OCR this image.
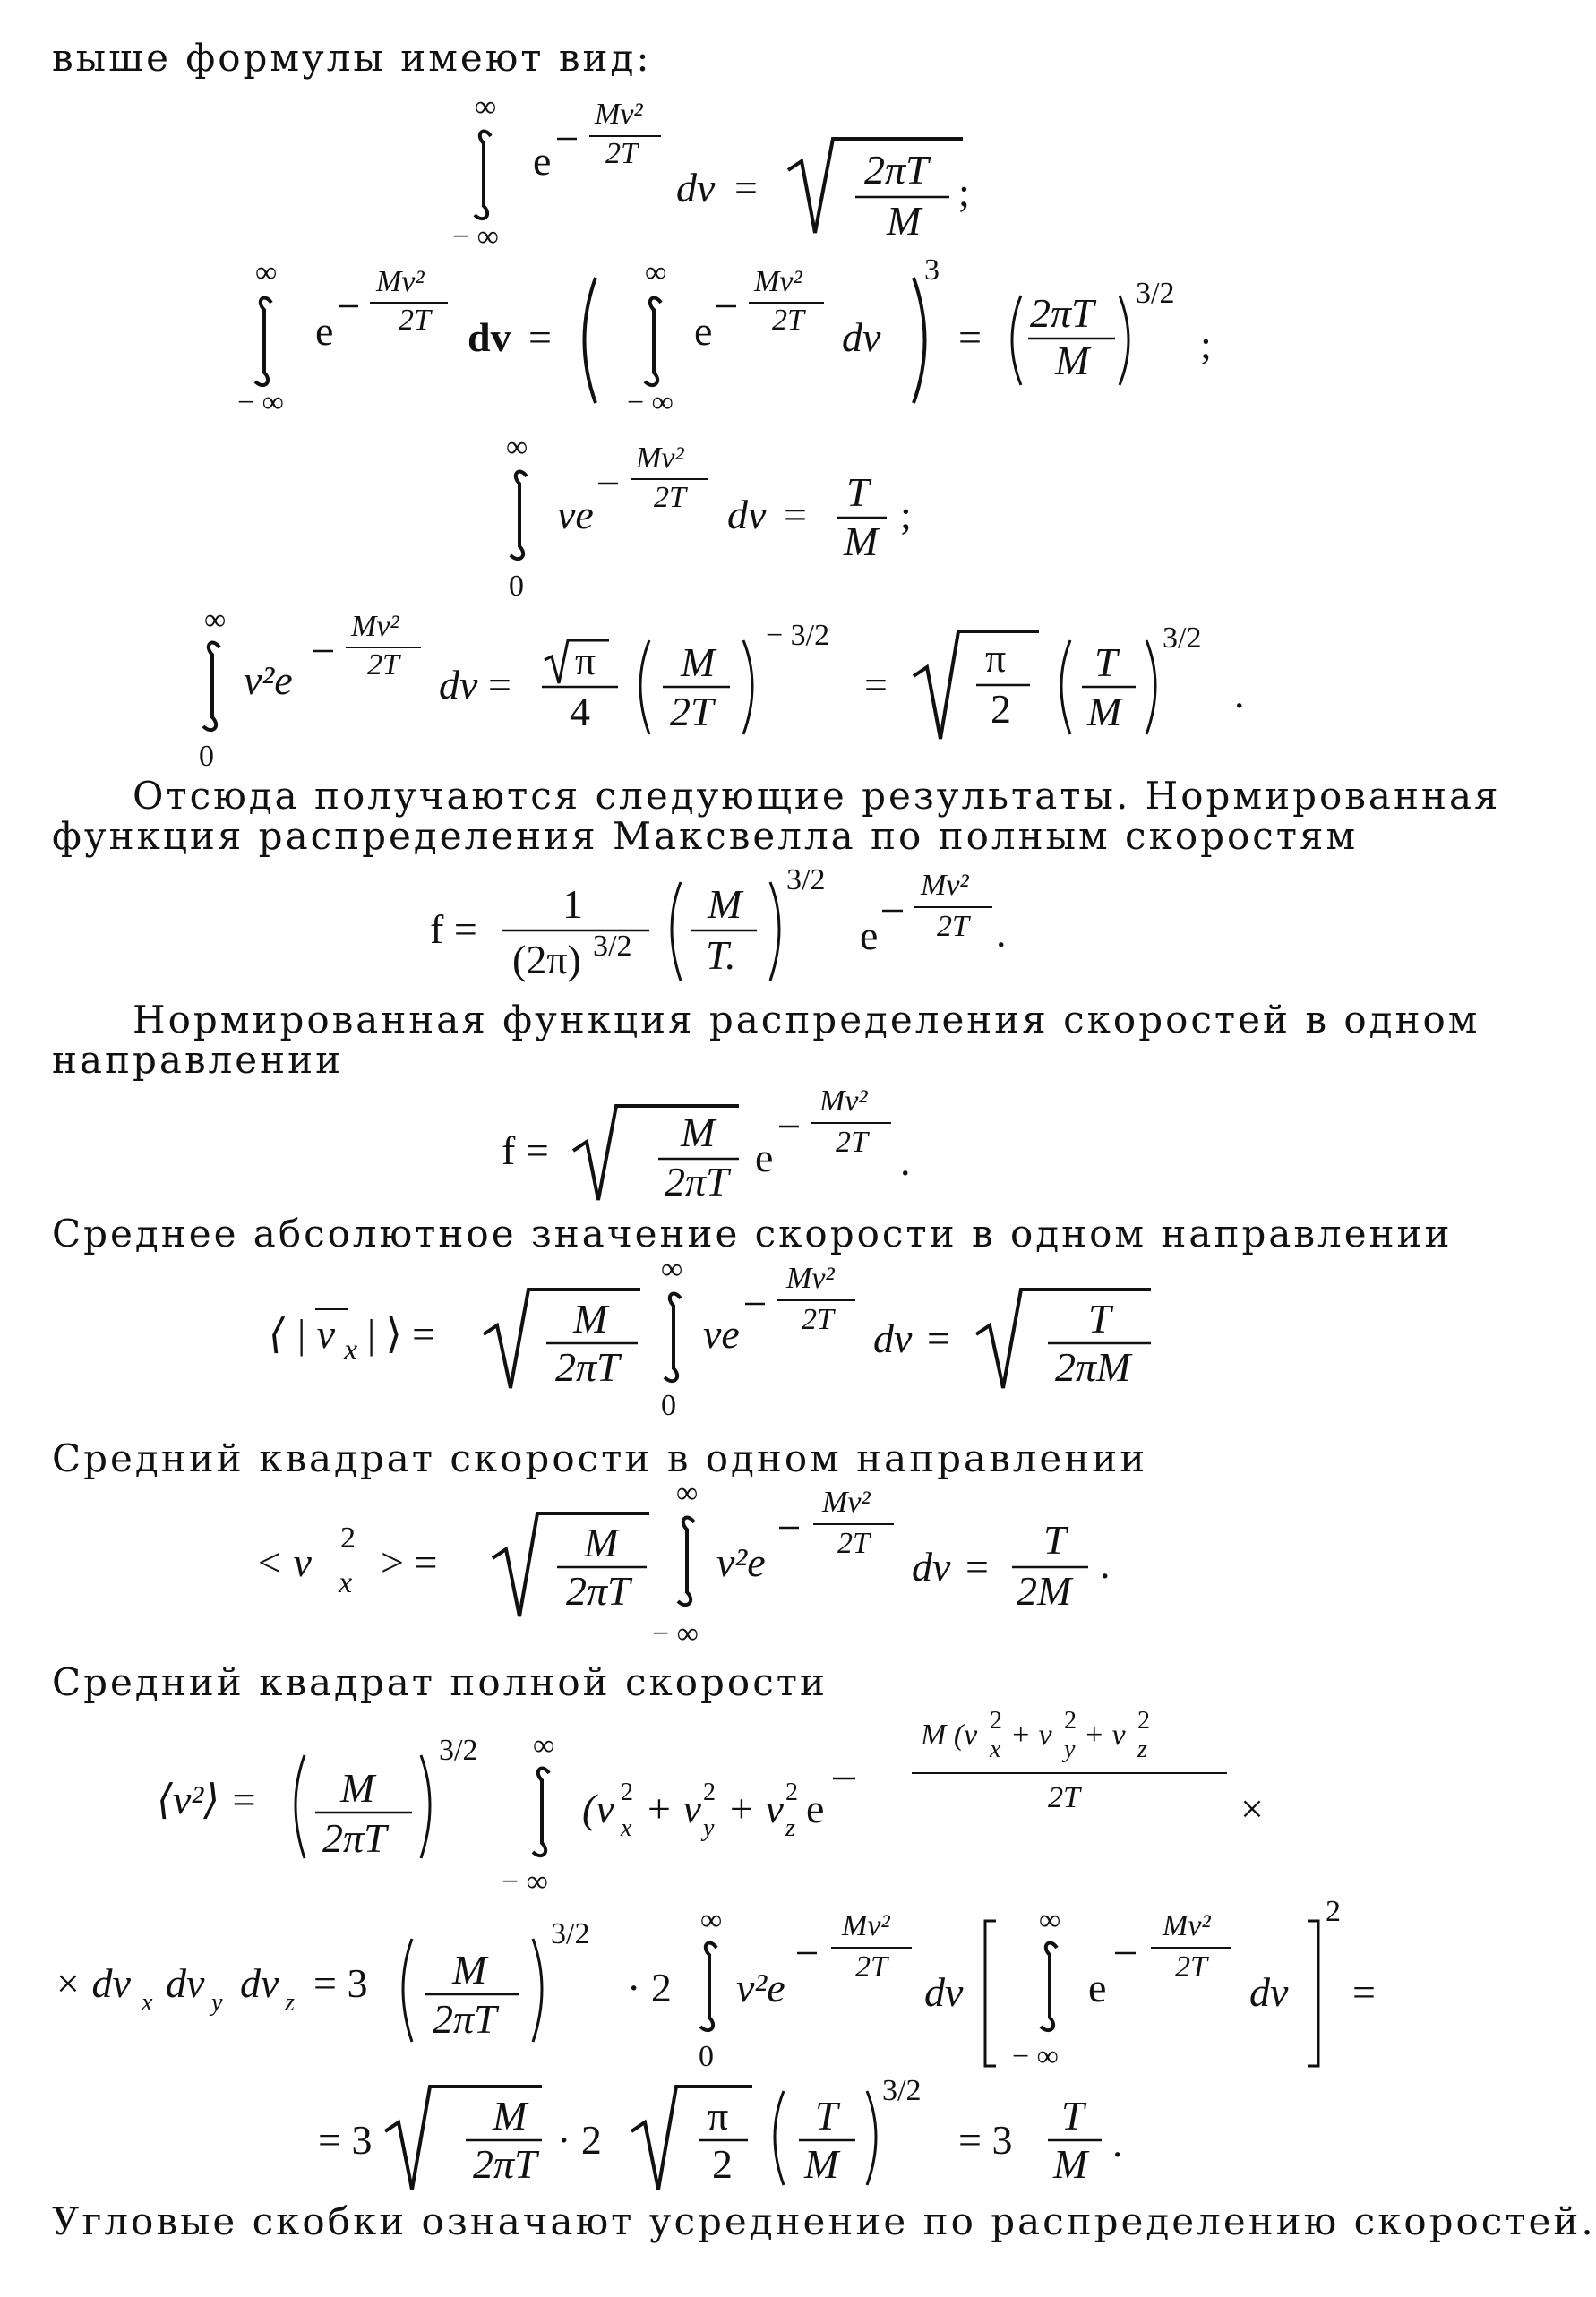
выше формулы имеют вид:
∞
− ∞
e
Mv²
2T
dv =	2πT
M
;
∞
− ∞
e
Mv²
2T dv =
∞
− ∞
e
Mv²
2T dv
3
=
2πT
M
3/2
;
∞
0
ve
Mv²
2T dv = T
M
;
∞
0
v²e
Mv²
2T dv =
π
4
M
2T
− 3/2
=
π
2
T
M
3/2
.
Отсюда получаются следующие результаты. Нормированная
функция распределения Максвелла по полным скоростям
f =
1
(2π) 3/2
M
T.
3/2
e
Mv²
2T .
Нормированная функция распределения скоростей в одном
направлении
f =	M
2πT
e
Mv²
2T .
Среднее абсолютное значение скорости в одном направлении
⟨ | v x | ⟩ =	M
2πT
∞
0
ve
Mv²
2T dv =	T
2πM
Средний квадрат скорости в одном направлении
< v
2
x > =	M
2πT
∞
− ∞
v²e
Mv²
2T
dv =
T
2M
.
Средний квадрат полной скорости
⟨v²⟩ = M
2πT
3/2 ∞
− ∞
(v 2
x + v 2
y + v 2
z e
M (v 2
x + v 2
y + v 2
z
2T	×
× dv x dv y dv z = 3 M
2πT
3/2
· 2
∞
0
v²e
Mv²
2T
dv
∞
− ∞
e
Mv²
2T
dv
2
=
= 3
M
2πT
· 2
π
2
T
M
3/2
= 3
T
M .
Угловые скобки означают усреднение по распределению скоростей.
